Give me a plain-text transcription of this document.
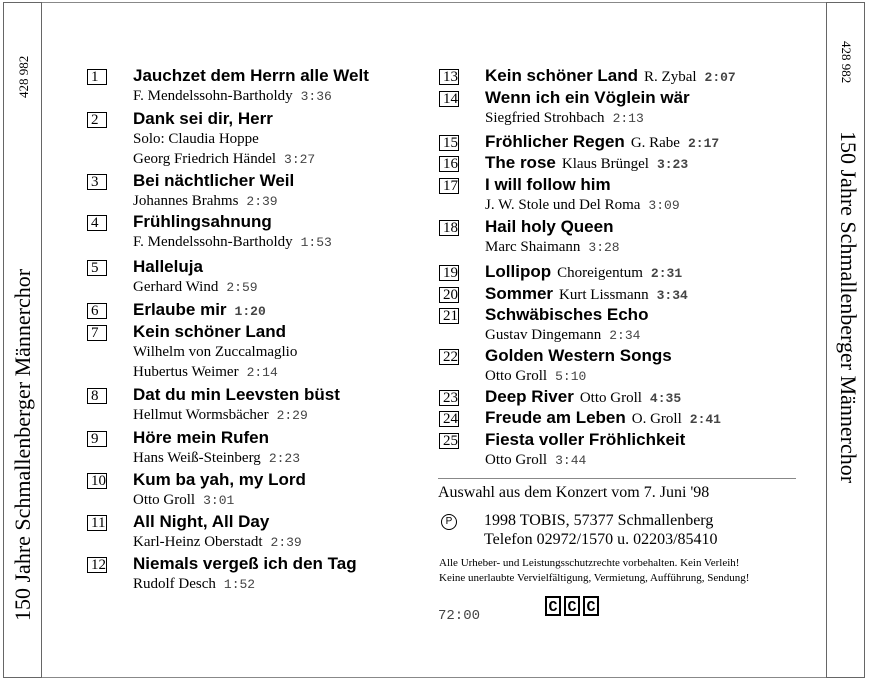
428 982
150 Jahre Schmallenberger Männerchor
428 982
150 Jahre Schmallenberger Männerchor
1	Jauchzet dem Herrn alle Welt
F. Mendelssohn-Bartholdy 3:36
2	Dank sei dir, Herr
Solo: Claudia Hoppe
Georg Friedrich Händel 3:27
3	Bei nächtlicher Weil
Johannes Brahms 2:39
4	Frühlingsahnung
F. Mendelssohn-Bartholdy 1:53
5	Halleluja
Gerhard Wind 2:59
6	Erlaube mir 1:20
7	Kein schöner Land
Wilhelm von Zuccalmaglio
Hubertus Weimer 2:14
8	Dat du min Leevsten büst
Hellmut Wormsbächer 2:29
9	Höre mein Rufen
Hans Weiß-Steinberg 2:23
10 Kum ba yah, my Lord
Otto Groll 3:01
11 All Night, All Day
Karl-Heinz Oberstadt 2:39
12 Niemals vergeß ich den Tag
Rudolf Desch 1:52
13 Kein schöner Land R. Zybal 2:07
14 Wenn ich ein Vöglein wär
Siegfried Strohbach 2:13
15 Fröhlicher Regen G. Rabe 2:17
16 The rose Klaus Brüngel 3:23
17 I will follow him
J. W. Stole und Del Roma 3:09
18 Hail holy Queen
Marc Shaimann 3:28
19 Lollipop Choreigentum 2:31
20 Sommer Kurt Lissmann 3:34
21 Schwäbisches Echo
Gustav Dingemann 2:34
22 Golden Western Songs
Otto Groll 5:10
23 Deep River Otto Groll 4:35
24 Freude am Leben O. Groll 2:41
25 Fiesta voller Fröhlichkeit
Otto Groll 3:44
Auswahl aus dem Konzert vom 7. Juni '98
P 1998 TOBIS, 57377 Schmallenberg
Telefon 02972/1570 u. 02203/85410
Alle Urheber- und Leistungsschutzrechte vorbehalten. Kein Verleih!
Keine unerlaubte Vervielfältigung, Vermietung, Aufführung, Sendung!
72:00	C C C
